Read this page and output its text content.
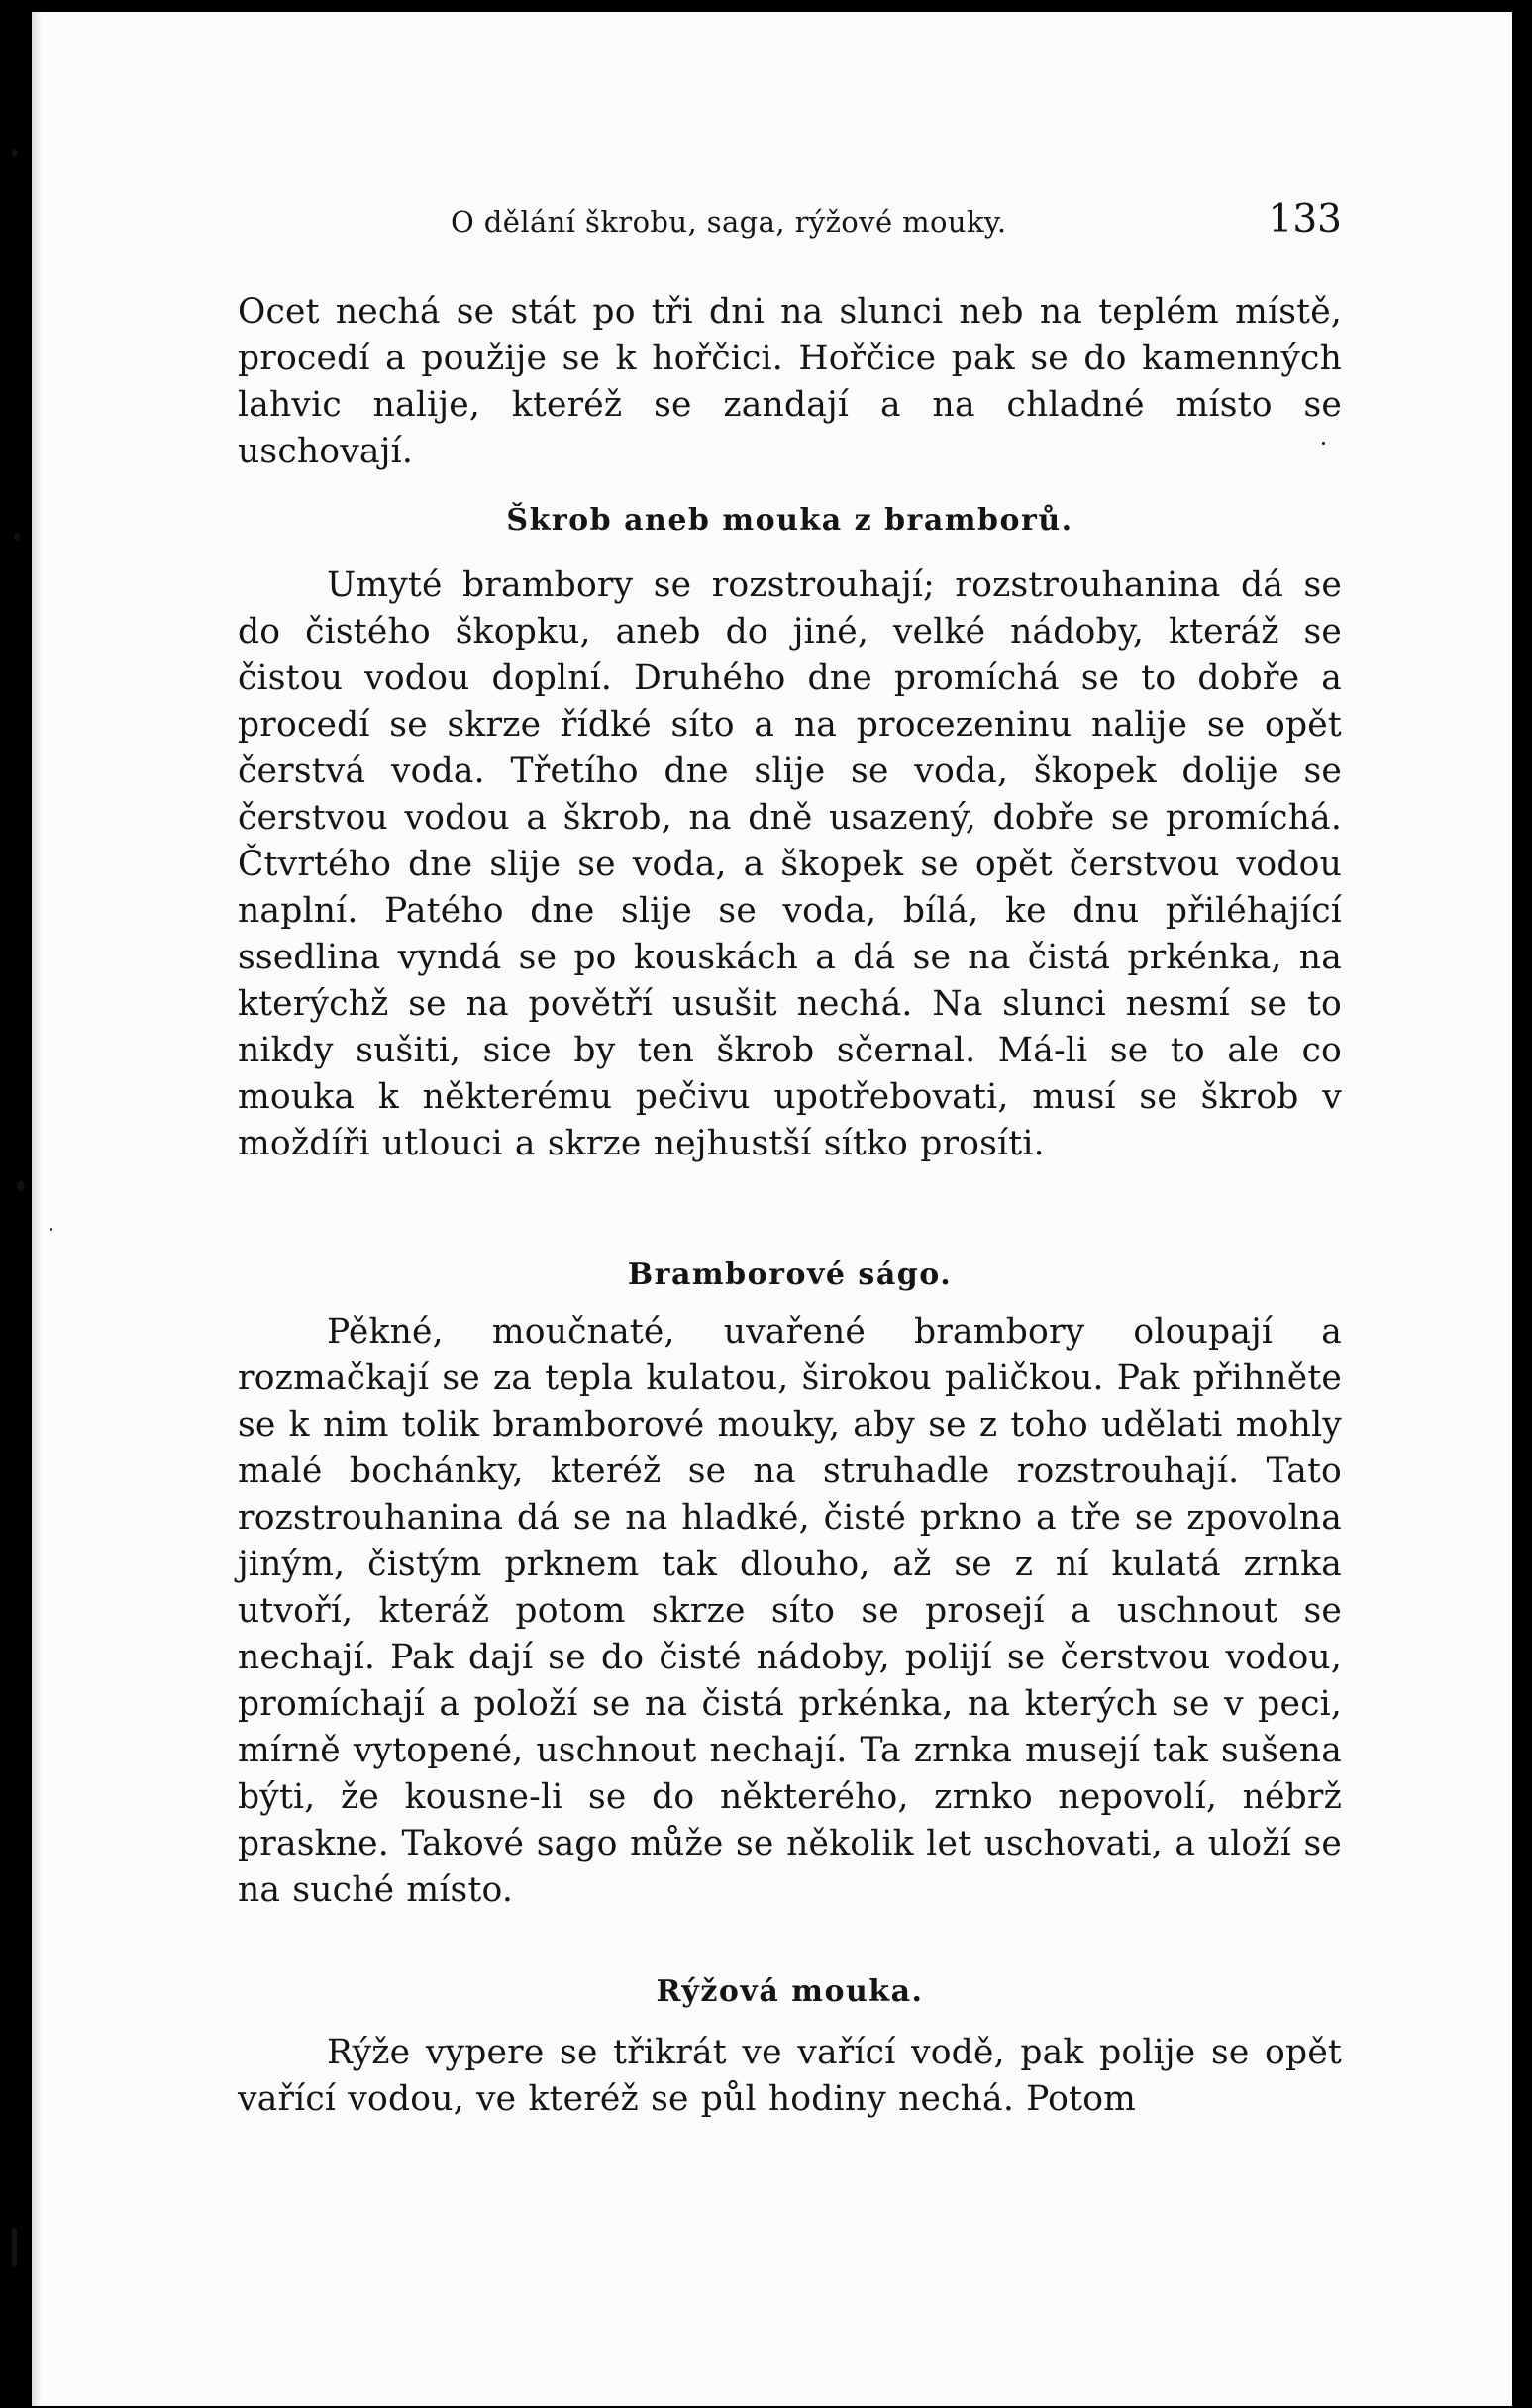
O dělání škrobu, saga, rýžové mouky.	133

Ocet nechá se stát po tři dni na slunci neb na teplém místě, procedí a použije se k hořčici. Hořčice pak se do kamenných lahvic nalije, kteréž se zandají a na chladné místo se uschovají.

Škrob aneb mouka z bramborů.

Umyté brambory se rozstrouhají; rozstrouhanina dá se do čistého škopku, aneb do jiné, velké nádoby, kteráž se čistou vodou doplní. Druhého dne promíchá se to dobře a procedí se skrze řídké síto a na procezeninu nalije se opět čerstvá voda. Třetího dne slije se voda, škopek dolije se čerstvou vodou a škrob, na dně usazený, dobře se promíchá. Čtvrtého dne slije se voda, a škopek se opět čerstvou vodou naplní. Patého dne slije se voda, bílá, ke dnu přiléhající ssedlina vyndá se po kouskách a dá se na čistá prkénka, na kterýchž se na povětří usušit nechá. Na slunci nesmí se to nikdy sušiti, sice by ten škrob sčernal. Má-li se to ale co mouka k některému pečivu upotřebovati, musí se škrob v moždíři utlouci a skrze nejhustší sítko prosíti.

Bramborové ságo.

Pěkné, moučnaté, uvařené brambory oloupají a rozmačkají se za tepla kulatou, širokou paličkou. Pak přihněte se k nim tolik bramborové mouky, aby se z toho udělati mohly malé bochánky, kteréž se na struhadle rozstrouhají. Tato rozstrouhanina dá se na hladké, čisté prkno a tře se zpovolna jiným, čistým prknem tak dlouho, až se z ní kulatá zrnka utvoří, kteráž potom skrze síto se prosejí a uschnout se nechají. Pak dají se do čisté nádoby, polijí se čerstvou vodou, promíchají a položí se na čistá prkénka, na kterých se v peci, mírně vytopené, uschnout nechají. Ta zrnka musejí tak sušena býti, že kousne-li se do některého, zrnko nepovolí, nébrž praskne. Takové sago může se několik let uschovati, a uloží se na suché místo.

Rýžová mouka.

Rýže vypere se třikrát ve vařící vodě, pak polije se opět vařící vodou, ve kteréž se půl hodiny nechá. Potom
